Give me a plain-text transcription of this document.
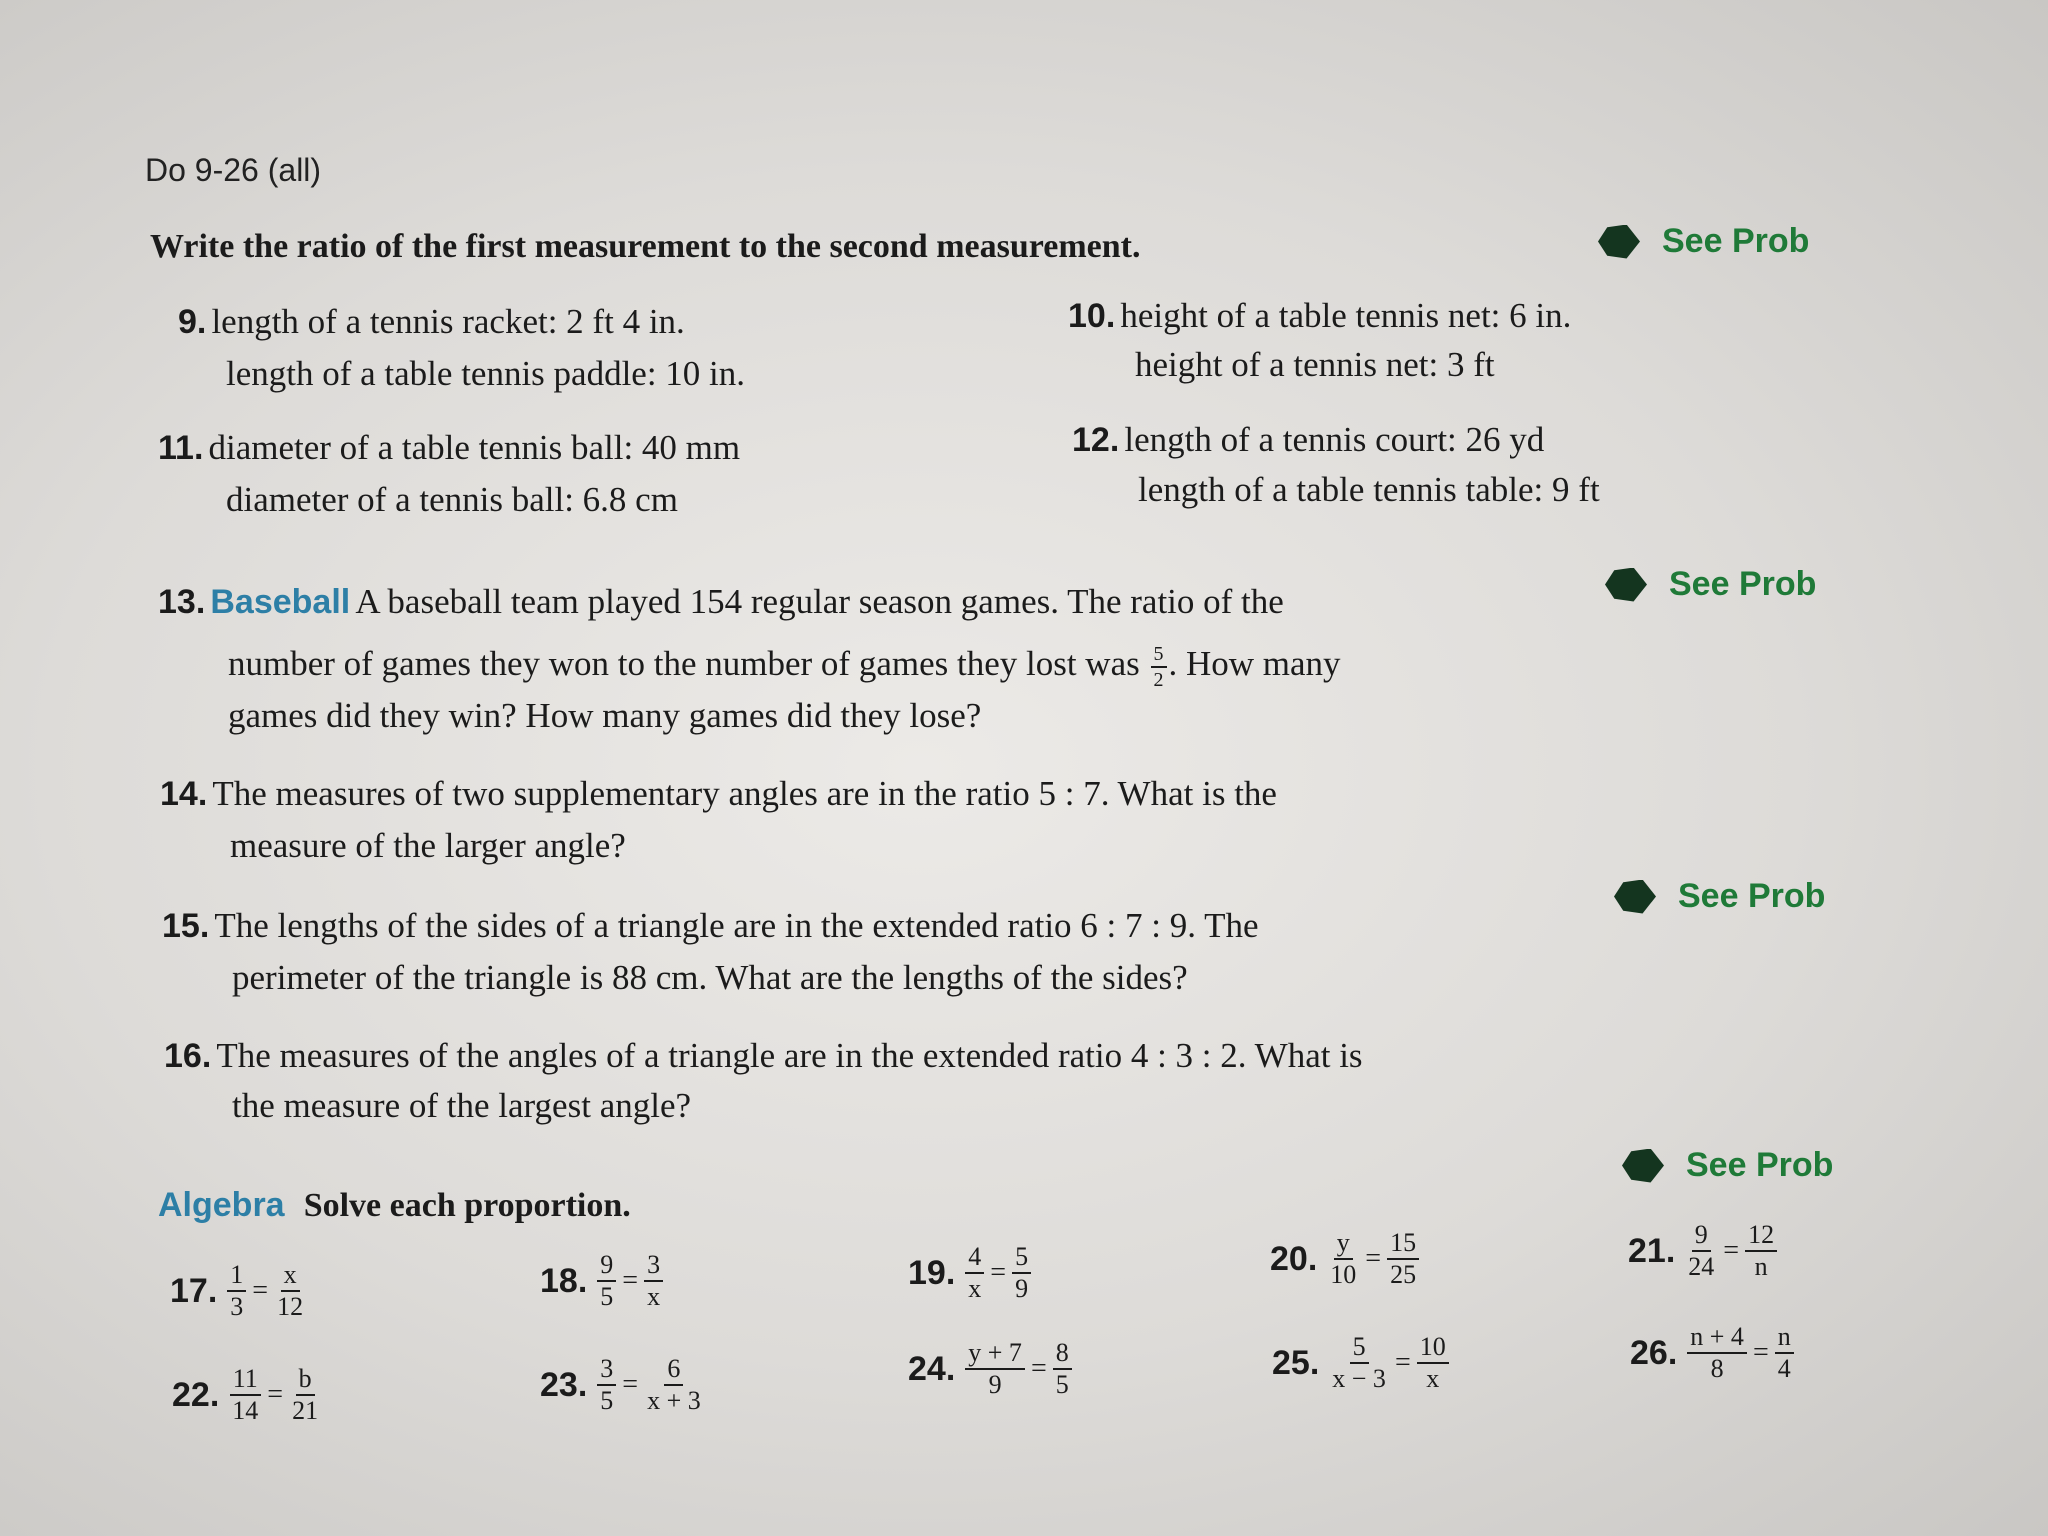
Do 9-26 (all)
Write the ratio of the first measurement to the second measurement.	See Prob
9. length of a tennis racket: 2 ft 4 in.
length of a table tennis paddle: 10 in.
10. height of a table tennis net: 6 in.
height of a tennis net: 3 ft
11. diameter of a table tennis ball: 40 mm
diameter of a tennis ball: 6.8 cm
12. length of a tennis court: 26 yd
length of a table tennis table: 9 ft
13. Baseball A baseball team played 154 regular season games. The ratio of the	See Prob
number of games they won to the number of games they lost was $\frac{5}{2}$ . How many
games did they win? How many games did they lose?
14. The measures of two supplementary angles are in the ratio 5 : 7. What is the
measure of the larger angle?
15. The lengths of the sides of a triangle are in the extended ratio 6 : 7 : 9. The
See Prob
perimeter of the triangle is 88 cm. What are the lengths of the sides?
16. The measures of the angles of a triangle are in the extended ratio 4 : 3 : 2. What is
the measure of the largest angle?
Algebra Solve each proportion.
See Prob
17. $\frac{1}{3} = \frac{x}{12}$	18. $\frac{9}{5} = \frac{3}{x}$	19. $\frac{4}{x} = \frac{5}{9}$	20. $\frac{y}{10} = \frac{15}{25}$	21. $\frac{9}{24} = \frac{12}{n}$
22. $\frac{11}{14} = \frac{b}{21}$	23. $\frac{3}{5} = \frac{6}{x + 3}$	24. $\frac{y + 7}{9} = \frac{8}{5}$	25. $\frac{5}{x - 3} = \frac{10}{x}$	26. $\frac{n + 4}{8} = \frac{n}{4}$
